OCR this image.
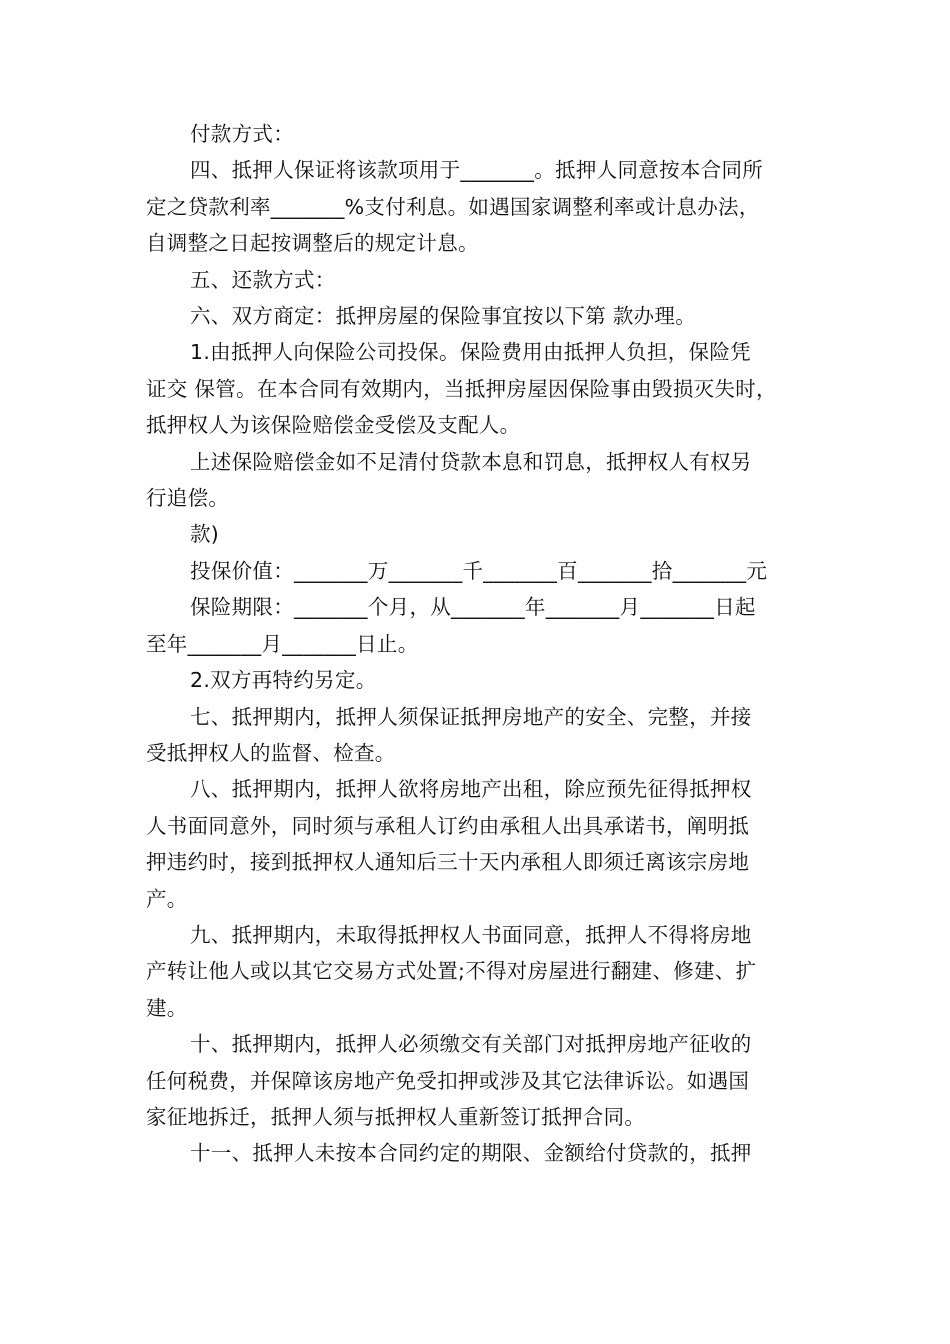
付款方式：
四、抵押人保证将该款项用于_______。抵押人同意按本合同所
定之贷款利率_______%支付利息。如遇国家调整利率或计息办法，
自调整之日起按调整后的规定计息。
五、还款方式：
六、双方商定：抵押房屋的保险事宜按以下第 款办理。
1.由抵押人向保险公司投保。保险费用由抵押人负担，保险凭
证交 保管。在本合同有效期内，当抵押房屋因保险事由毁损灭失时，
抵押权人为该保险赔偿金受偿及支配人。
上述保险赔偿金如不足清付贷款本息和罚息，抵押权人有权另
行追偿。
款)
投保价值：_______万_______千_______百_______拾_______元
保险期限：_______个月，从_______年_______月_______日起
至年_______月_______日止。
2.双方再特约另定。
七、抵押期内，抵押人须保证抵押房地产的安全、完整，并接
受抵押权人的监督、检查。
八、抵押期内，抵押人欲将房地产出租，除应预先征得抵押权
人书面同意外，同时须与承租人订约由承租人出具承诺书，阐明抵
押违约时，接到抵押权人通知后三十天内承租人即须迁离该宗房地
产。
九、抵押期内，未取得抵押权人书面同意，抵押人不得将房地
产转让他人或以其它交易方式处置;不得对房屋进行翻建、修建、扩
建。
十、抵押期内，抵押人必须缴交有关部门对抵押房地产征收的
任何税费，并保障该房地产免受扣押或涉及其它法律诉讼。如遇国
家征地拆迁，抵押人须与抵押权人重新签订抵押合同。
十一、抵押人未按本合同约定的期限、金额给付贷款的，抵押
